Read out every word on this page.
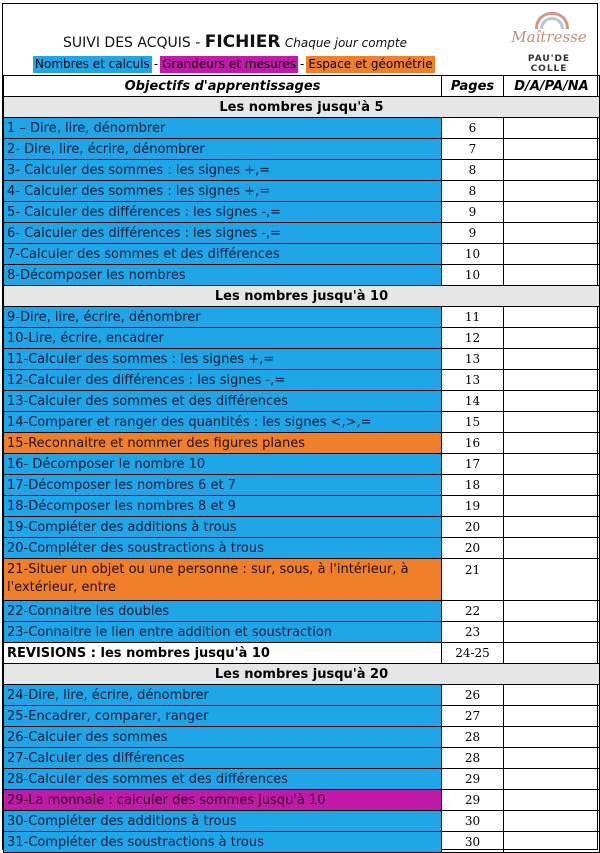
SUIVI DES ACQUIS - FICHIER Chaque jour compte
Nombres et calculs - Grandeurs et mesures - Espace et géométrie
Maîtresse
PAU'DE COLLE
Objectifs d'apprentissages	Pages	D/A/PA/NA
Les nombres jusqu'à 5		
1 – Dire, lire, dénombrer	6	
2- Dire, lire, écrire, dénombrer	7	
3- Calculer des sommes : les signes +,=	8	
4- Calculer des sommes : les signes +,=	8	
5- Calculer des différences : les signes -,=	9	
6- Calculer des différences : les signes -,=	9	
7-Calculer des sommes et des différences	10	
8-Décomposer les nombres	10	
Les nombres jusqu'à 10		
9-Dire, lire, écrire, dénombrer	11	
10-Lire, écrire, encadrer	12	
11-Calculer des sommes : les signes +,=	13	
12-Calculer des différences : les signes -,=	13	
13-Calculer des sommes et des différences	14	
14-Comparer et ranger des quantités : les signes <,>,=	15	
15-Reconnaitre et nommer des figures planes	16	
16- Décomposer le nombre 10	17	
17-Décomposer les nombres 6 et 7	18	
18-Décomposer les nombres 8 et 9	19	
19-Compléter des additions à trous	20	
20-Compléter des soustractions à trous	20	
21-Situer un objet ou une personne : sur, sous, à l'intérieur, à l'extérieur, entre	21	
22-Connaitre les doubles	22	
23-Connaitre le lien entre addition et soustraction	23	
REVISIONS : les nombres jusqu'à 10	24-25	
Les nombres jusqu'à 20		
24-Dire, lire, écrire, dénombrer	26	
25-Encadrer, comparer, ranger	27	
26-Calculer des sommes	28	
27-Calculer des différences	28	
28-Calculer des sommes et des différences	29	
29-La monnaie : calculer des sommes jusqu'à 10	29	
30-Compléter des additions à trous	30	
31-Compléter des soustractions à trous	30	
